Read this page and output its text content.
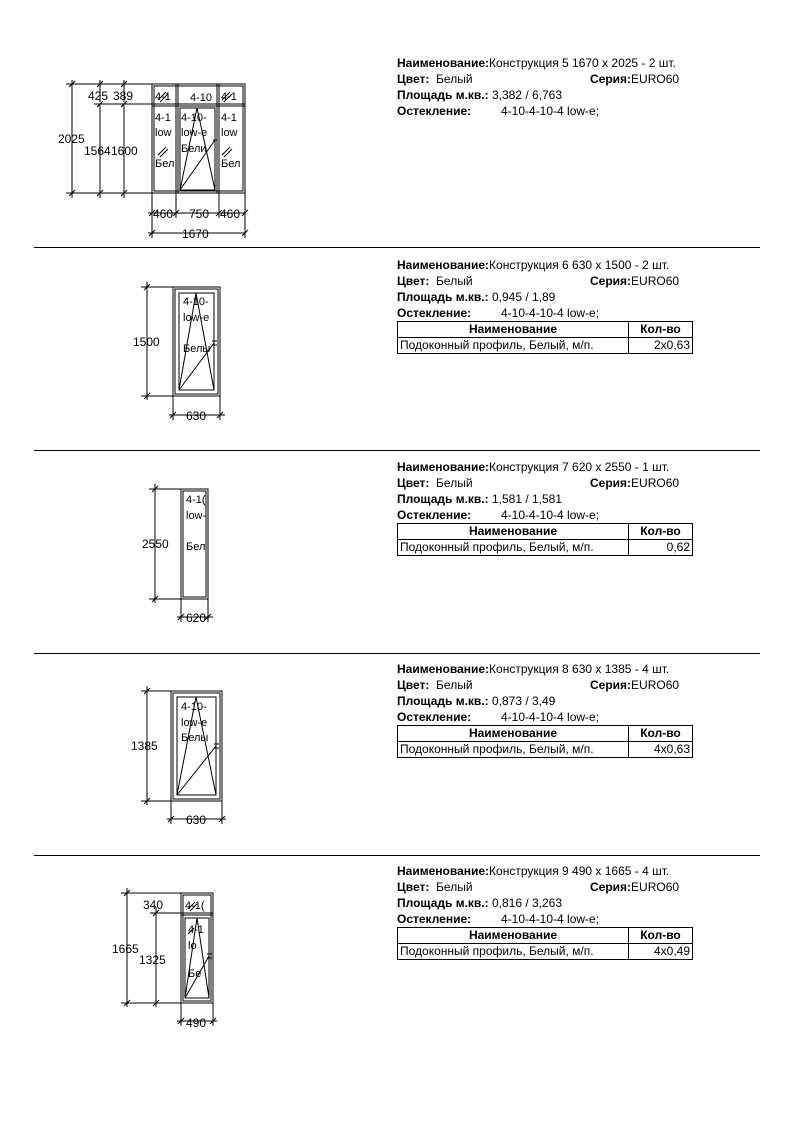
2025
425 389
1564 1600
460 750 460
1670
4-1 4-10 4-1
4-1
low
Бел
4-10-
low-e
Бели
4-1
low
Бел
Наименование:Конструкция 5 1670 x 2025 - 2 шт.
Цвет: Белый	Серия:EURO60
Площадь м.кв.: 3,382 / 6,763
Остекление: 4-10-4-10-4 low-e;
1500
630
4-10-
low-e
Белы
Наименование:Конструкция 6 630 x 1500 - 2 шт.
Цвет: Белый	Серия:EURO60
Площадь м.кв.: 0,945 / 1,89
Остекление: 4-10-4-10-4 low-e;
Наименование	Кол-во
Подоконный профиль, Белый, м/п.	2x0,63
2550
620
4-1(
low-
Бел
Наименование:Конструкция 7 620 x 2550 - 1 шт.
Цвет: Белый	Серия:EURO60
Площадь м.кв.: 1,581 / 1,581
Остекление: 4-10-4-10-4 low-e;
Наименование	Кол-во
Подоконный профиль, Белый, м/п.	0,62
1385
630
4-10-
low-e
Белы
Наименование:Конструкция 8 630 x 1385 - 4 шт.
Цвет: Белый	Серия:EURO60
Площадь м.кв.: 0,873 / 3,49
Остекление: 4-10-4-10-4 low-e;
Наименование	Кол-во
Подоконный профиль, Белый, м/п.	4x0,63
1665
340
1325
490
4-1(
4-1
lo
Бе
Наименование:Конструкция 9 490 x 1665 - 4 шт.
Цвет: Белый	Серия:EURO60
Площадь м.кв.: 0,816 / 3,263
Остекление: 4-10-4-10-4 low-e;
Наименование	Кол-во
Подоконный профиль, Белый, м/п.	4x0,49
